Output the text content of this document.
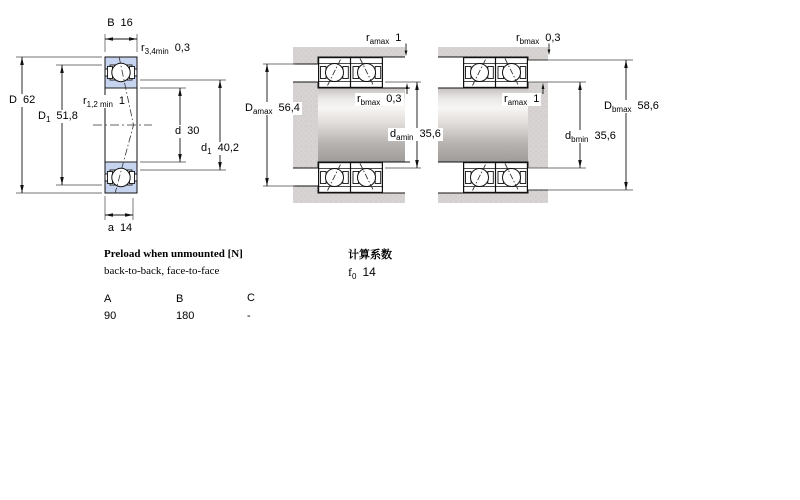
B 16
$r_{3,4min}$ 0,3
D 62
$D_1$ 51,8
$r_{1,2 min}$ 1
d 30
$d_1$ 40,2
a 14
$D_{amax}$ 56,4
$r_{amax}$ 1
$r_{bmax}$ 0,3
$d_{amin}$ 35,6
$r_{bmax}$ 0,3
$r_{amax}$ 1
$d_{bmin}$ 35,6
$D_{bmax}$ 58,6
Preload when unmounted [N]
back-to-back, face-to-face
计算系数
$f_0$ 14
A	B	C
90	180	-
